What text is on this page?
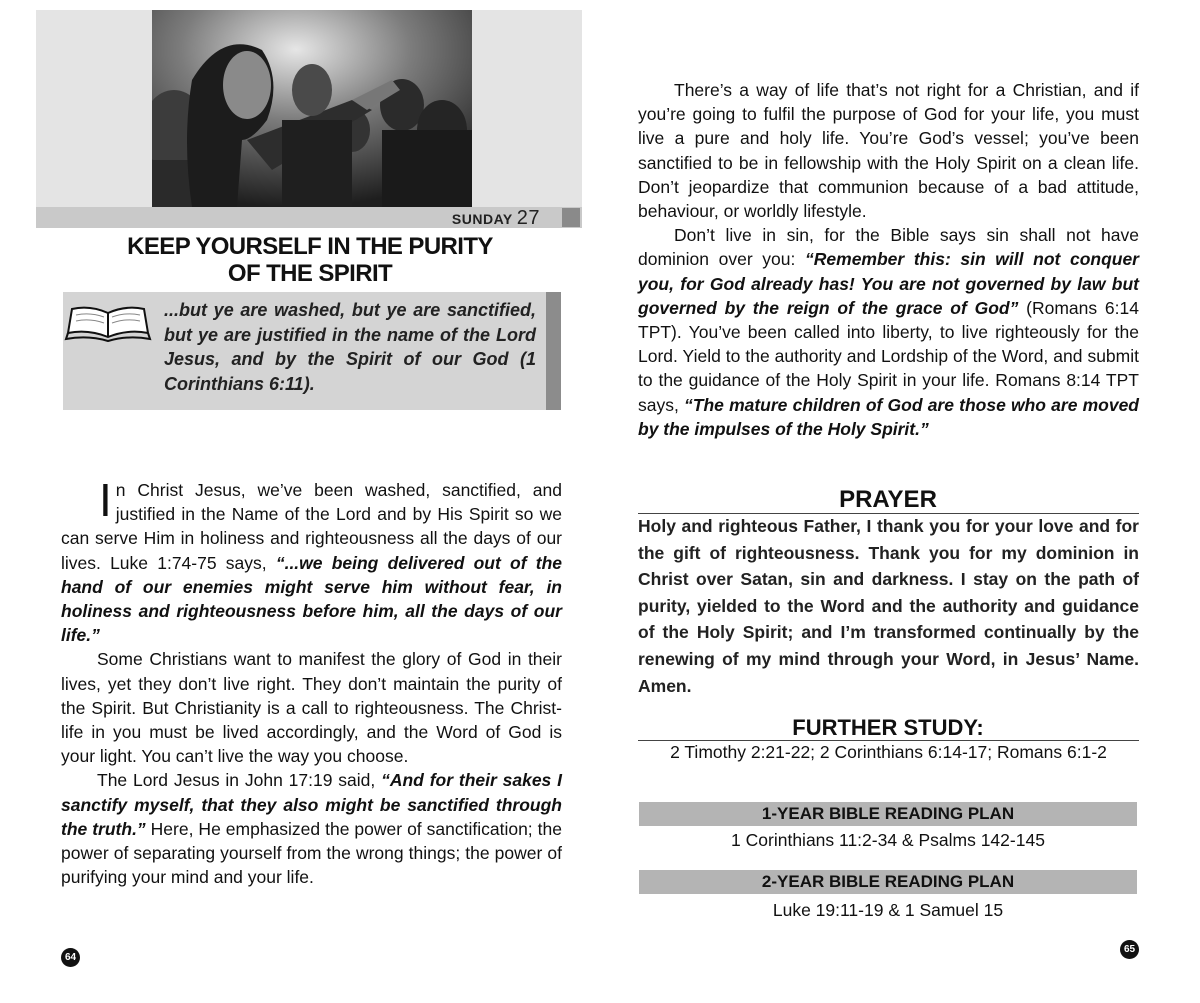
SUNDAY 27
KEEP YOURSELF IN THE PURITY
OF THE SPIRIT
...but ye are washed, but ye are sanctified, but ye are justified in the name of the Lord Jesus, and by the Spirit of our God (1 Corinthians 6:11).

In Christ Jesus, we’ve been washed, sanctified, and justified in the Name of the Lord and by His Spirit so we can serve Him in holiness and righteousness all the days of our lives. Luke 1:74-75 says, “...we being delivered out of the hand of our enemies might serve him without fear, in holiness and righteousness before him, all the days of our life.”

Some Christians want to manifest the glory of God in their lives, yet they don’t live right. They don’t maintain the purity of the Spirit. But Christianity is a call to righteousness. The Christ-life in you must be lived accordingly, and the Word of God is your light. You can’t live the way you choose.

The Lord Jesus in John 17:19 said, “And for their sakes I sanctify myself, that they also might be sanctified through the truth.” Here, He emphasized the power of sanctification; the power of separating yourself from the wrong things; the power of purifying your mind and your life.

64

There’s a way of life that’s not right for a Christian, and if you’re going to fulfil the purpose of God for your life, you must live a pure and holy life. You’re God’s vessel; you’ve been sanctified to be in fellowship with the Holy Spirit on a clean life. Don’t jeopardize that communion because of a bad attitude, behaviour, or worldly lifestyle.

Don’t live in sin, for the Bible says sin shall not have dominion over you: “Remember this: sin will not conquer you, for God already has! You are not governed by law but governed by the reign of the grace of God” (Romans 6:14 TPT). You’ve been called into liberty, to live righteously for the Lord. Yield to the authority and Lordship of the Word, and submit to the guidance of the Holy Spirit in your life. Romans 8:14 TPT says, “The mature children of God are those who are moved by the impulses of the Holy Spirit.”

PRAYER
Holy and righteous Father, I thank you for your love and for the gift of righteousness. Thank you for my dominion in Christ over Satan, sin and darkness. I stay on the path of purity, yielded to the Word and the authority and guidance of the Holy Spirit; and I’m transformed continually by the renewing of my mind through your Word, in Jesus’ Name. Amen.
FURTHER STUDY:
2 Timothy 2:21-22; 2 Corinthians 6:14-17; Romans 6:1-2
1-YEAR BIBLE READING PLAN
1 Corinthians 11:2-34 & Psalms 142-145
2-YEAR BIBLE READING PLAN
Luke 19:11-19 & 1 Samuel 15
65
